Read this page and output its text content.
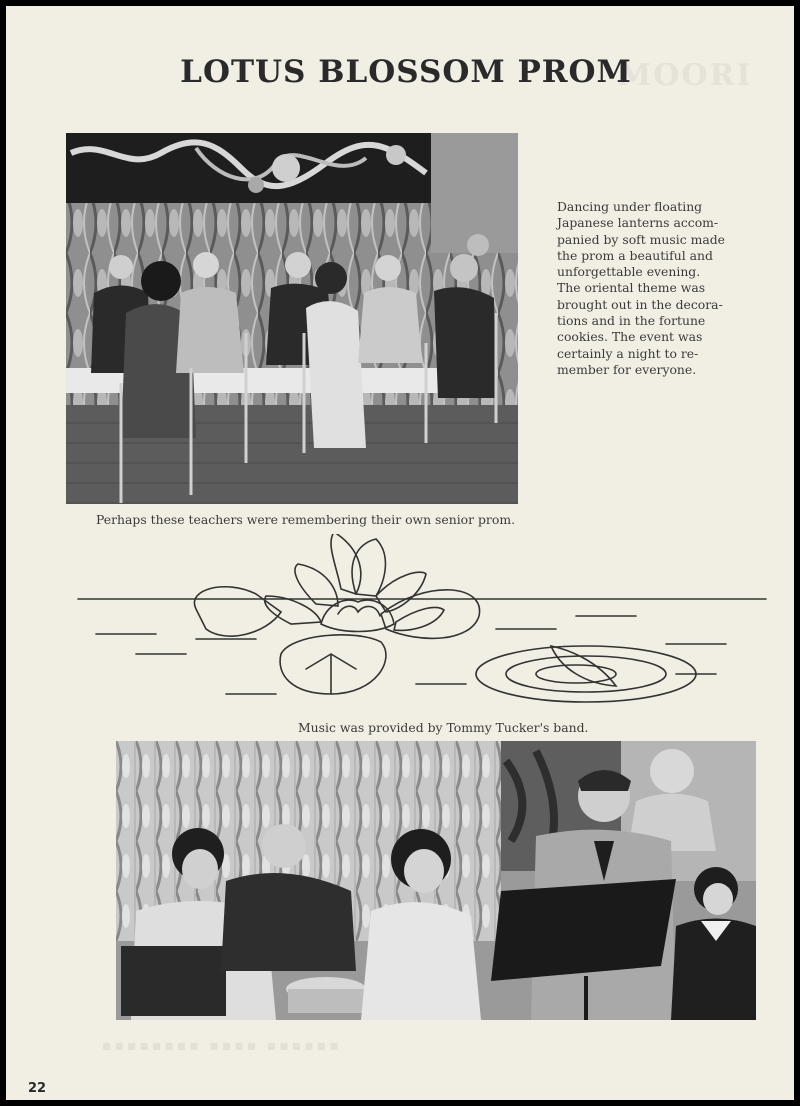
MOORI
▪▪▪▪▪▪▪▪ ▪▪▪▪ ▪▪▪▪▪▪
LOTUS BLOSSOM PROM
Dancing under floating
Japanese lanterns accom-
panied by soft music made
the prom a beautiful and
unforgettable evening.
The oriental theme was
brought out in the decora-
tions and in the fortune
cookies. The event was
certainly a night to re-
member for everyone.
Perhaps these teachers were remembering their own senior prom.
Music was provided by Tommy Tucker's band.
22
